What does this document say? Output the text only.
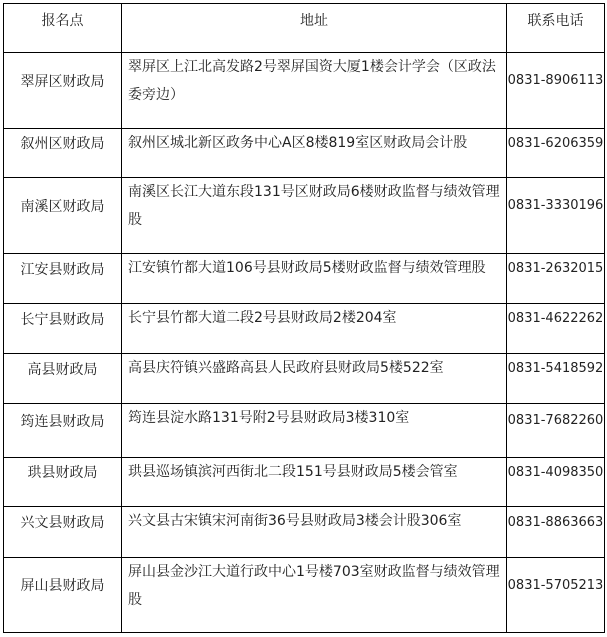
报名点	地址	联系电话
翠屏区财政局	翠屏区上江北高发路2号翠屏国资大厦1楼会计学会（区政法委旁边）	0831-8906113
叙州区财政局	叙州区城北新区政务中心A区8楼819室区财政局会计股	0831-6206359
南溪区财政局	南溪区长江大道东段131号区财政局6楼财政监督与绩效管理股	0831-3330196
江安县财政局	江安镇竹都大道106号县财政局5楼财政监督与绩效管理股	0831-2632015
长宁县财政局	长宁县竹都大道二段2号县财政局2楼204室	0831-4622262
高县财政局	高县庆符镇兴盛路高县人民政府县财政局5楼522室	0831-5418592
筠连县财政局	筠连县淀水路131号附2号县财政局3楼310室	0831-7682260
珙县财政局	珙县巡场镇滨河西街北二段151号县财政局5楼会管室	0831-4098350
兴文县财政局	兴文县古宋镇宋河南街36号县财政局3楼会计股306室	0831-8863663
屏山县财政局	屏山县金沙江大道行政中心1号楼703室财政监督与绩效管理股	0831-5705213
